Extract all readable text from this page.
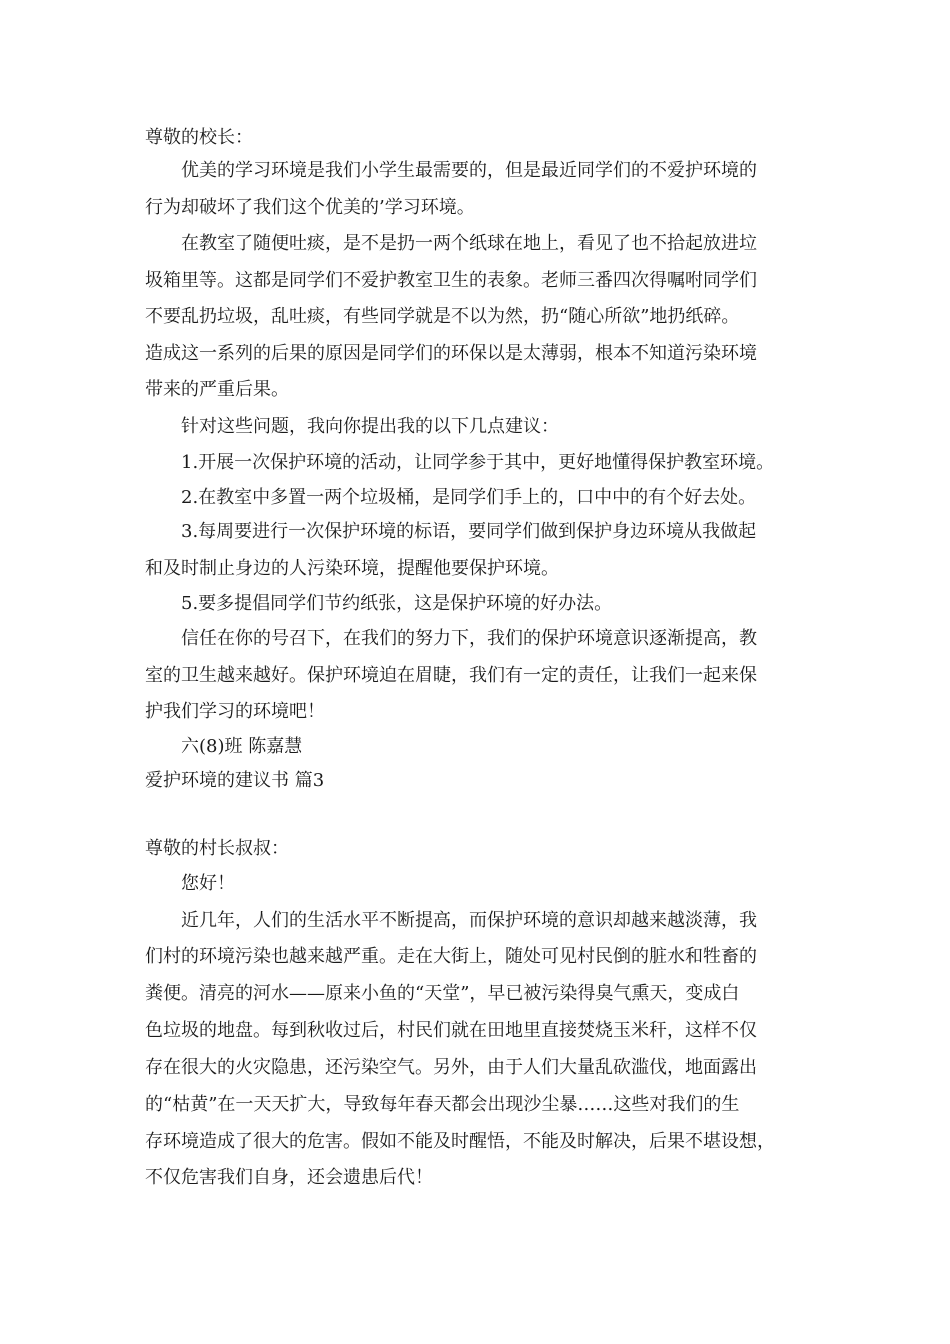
尊敬的校长：
优美的学习环境是我们小学生最需要的，但是最近同学们的不爱护环境的
行为却破坏了我们这个优美的’学习环境。
在教室了随便吐痰，是不是扔一两个纸球在地上，看见了也不拾起放进垃
圾箱里等。这都是同学们不爱护教室卫生的表象。老师三番四次得嘱咐同学们
不要乱扔垃圾，乱吐痰，有些同学就是不以为然，扔“随心所欲”地扔纸碎。
造成这一系列的后果的原因是同学们的环保以是太薄弱，根本不知道污染环境
带来的严重后果。
针对这些问题，我向你提出我的以下几点建议：
1.开展一次保护环境的活动，让同学参于其中，更好地懂得保护教室环境。
2.在教室中多置一两个垃圾桶，是同学们手上的，口中中的有个好去处。
3.每周要进行一次保护环境的标语，要同学们做到保护身边环境从我做起
和及时制止身边的人污染环境，提醒他要保护环境。
5.要多提倡同学们节约纸张，这是保护环境的好办法。
信任在你的号召下，在我们的努力下，我们的保护环境意识逐渐提高，教
室的卫生越来越好。保护环境迫在眉睫，我们有一定的责任，让我们一起来保
护我们学习的环境吧！
六(8)班 陈嘉慧
爱护环境的建议书 篇3
尊敬的村长叔叔：
您好！
近几年，人们的生活水平不断提高，而保护环境的意识却越来越淡薄，我
们村的环境污染也越来越严重。走在大街上，随处可见村民倒的脏水和牲畜的
粪便。清亮的河水——原来小鱼的“天堂”，早已被污染得臭气熏天，变成白
色垃圾的地盘。每到秋收过后，村民们就在田地里直接焚烧玉米秆，这样不仅
存在很大的火灾隐患，还污染空气。另外，由于人们大量乱砍滥伐，地面露出
的“枯黄”在一天天扩大，导致每年春天都会出现沙尘暴……这些对我们的生
存环境造成了很大的危害。假如不能及时醒悟，不能及时解决，后果不堪设想，
不仅危害我们自身，还会遗患后代！
